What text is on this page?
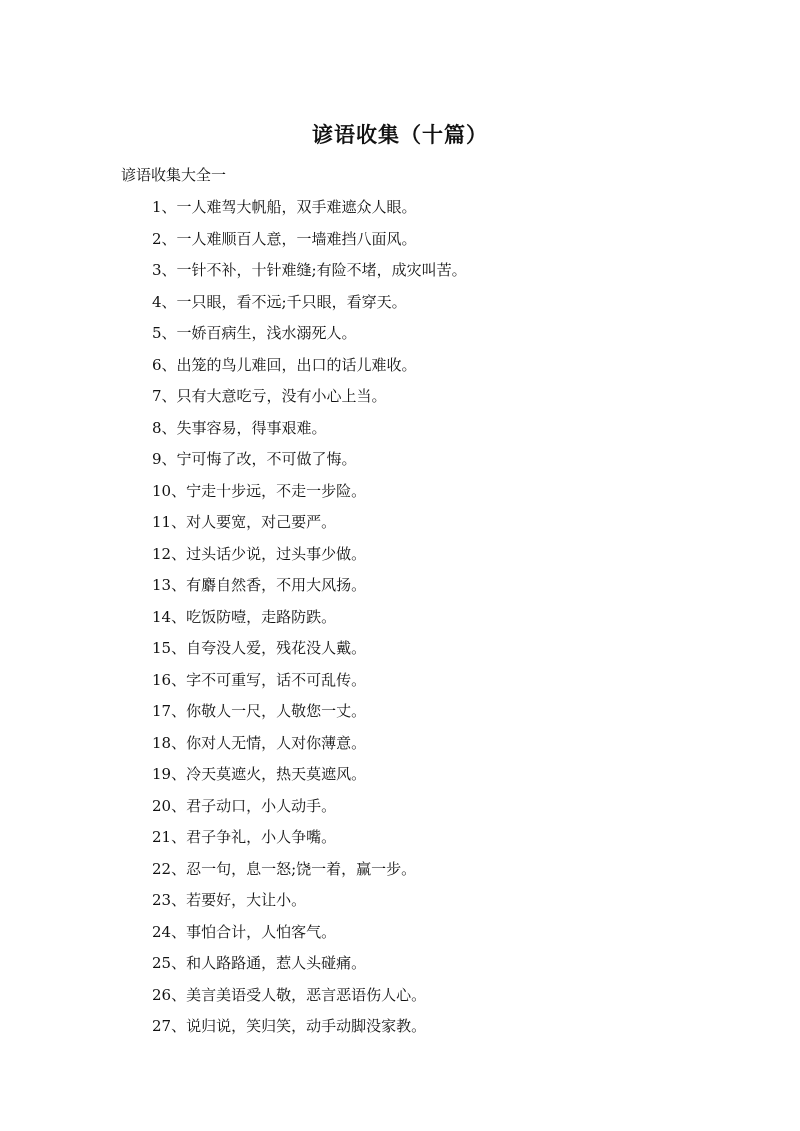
谚语收集（十篇）

谚语收集大全一

1、一人难驾大帆船，双手难遮众人眼。
2、一人难顺百人意，一墙难挡八面风。
3、一针不补，十针难缝;有险不堵，成灾叫苦。
4、一只眼，看不远;千只眼，看穿天。
5、一娇百病生，浅水溺死人。
6、出笼的鸟儿难回，出口的话儿难收。
7、只有大意吃亏，没有小心上当。
8、失事容易，得事艰难。
9、宁可悔了改，不可做了悔。
10、宁走十步远，不走一步险。
11、对人要宽，对己要严。
12、过头话少说，过头事少做。
13、有麝自然香，不用大风扬。
14、吃饭防噎，走路防跌。
15、自夸没人爱，残花没人戴。
16、字不可重写，话不可乱传。
17、你敬人一尺，人敬您一丈。
18、你对人无情，人对你薄意。
19、冷天莫遮火，热天莫遮风。
20、君子动口，小人动手。
21、君子争礼，小人争嘴。
22、忍一句，息一怒;饶一着，赢一步。
23、若要好，大让小。
24、事怕合计，人怕客气。
25、和人路路通，惹人头碰痛。
26、美言美语受人敬，恶言恶语伤人心。
27、说归说，笑归笑，动手动脚没家教。
